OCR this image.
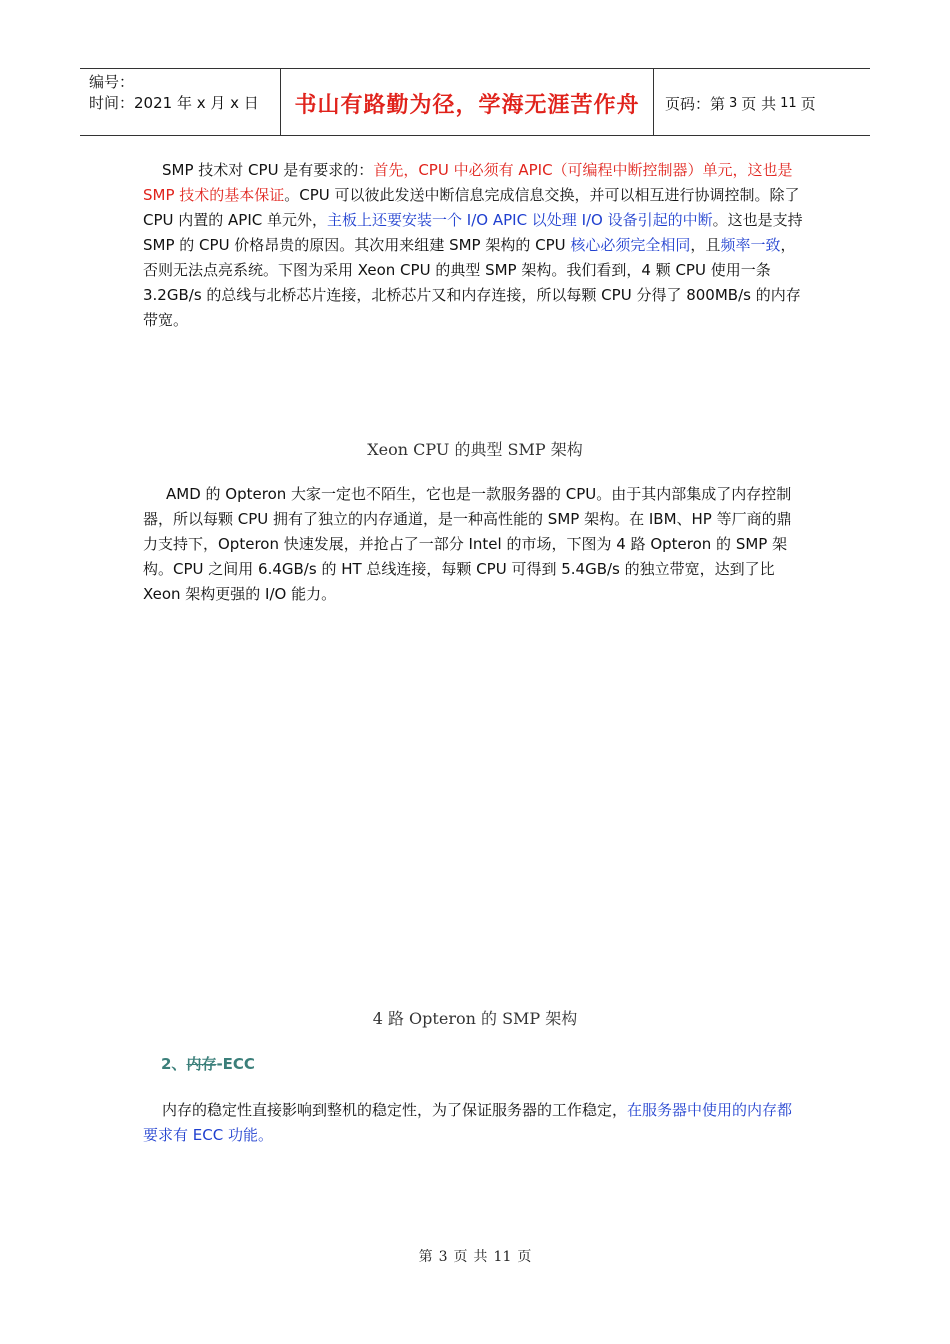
编号：
时间：2021 年 x 月 x 日	书山有路勤为径，学海无涯苦作舟	页码：第 3 页 共 11 页
SMP 技术对 CPU 是有要求的：首先，CPU 中必须有 APIC（可编程中断控制器）单元，这也是 SMP 技术的基本保证。CPU 可以彼此发送中断信息完成信息交换，并可以相互进行协调控制。除了 CPU 内置的 APIC 单元外，主板上还要安装一个 I/O APIC 以处理 I/O 设备引起的中断。这也是支持 SMP 的 CPU 价格昂贵的原因。其次用来组建 SMP 架构的 CPU 核心必须完全相同，且频率一致，否则无法点亮系统。下图为采用 Xeon CPU 的典型 SMP 架构。我们看到，4 颗 CPU 使用一条 3.2GB/s 的总线与北桥芯片连接，北桥芯片又和内存连接，所以每颗 CPU 分得了 800MB/s 的内存带宽。
Xeon CPU 的典型 SMP 架构
AMD 的 Opteron 大家一定也不陌生，它也是一款服务器的 CPU。由于其内部集成了内存控制器，所以每颗 CPU 拥有了独立的内存通道，是一种高性能的 SMP 架构。在 IBM、HP 等厂商的鼎力支持下，Opteron 快速发展，并抢占了一部分 Intel 的市场，下图为 4 路 Opteron 的 SMP 架构。CPU 之间用 6.4GB/s 的 HT 总线连接，每颗 CPU 可得到 5.4GB/s 的独立带宽，达到了比 Xeon 架构更强的 I/O 能力。
4 路 Opteron 的 SMP 架构
2、内存-ECC
内存的稳定性直接影响到整机的稳定性，为了保证服务器的工作稳定，在服务器中使用的内存都要求有 ECC 功能。
第 3 页 共 11 页
